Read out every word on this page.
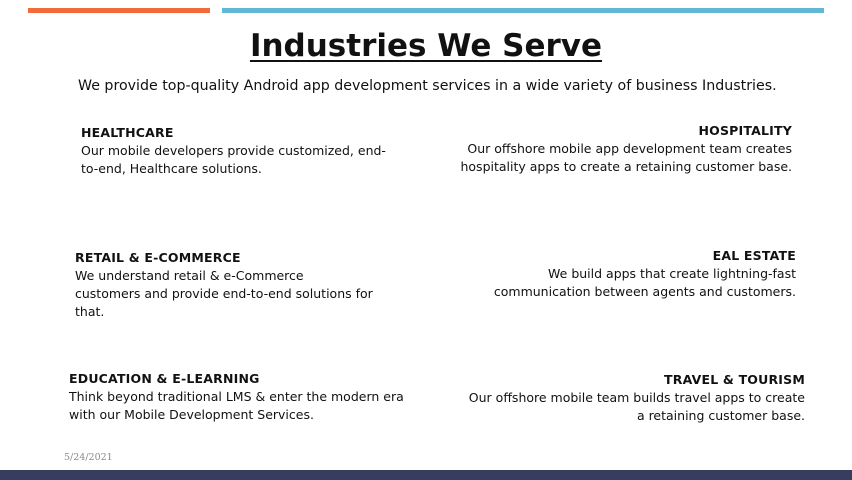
Industries We Serve
We provide top-quality Android app development services in a wide variety of business Industries.
HEALTHCARE
Our mobile developers provide customized, end-
to-end, Healthcare solutions.
HOSPITALITY
Our offshore mobile app development team creates
hospitality apps to create a retaining customer base.
RETAIL & E-COMMERCE
We understand retail & e-Commerce
customers and provide end-to-end solutions for
that.
EAL ESTATE
We build apps that create lightning-fast
communication between agents and customers.
EDUCATION & E-LEARNING
Think beyond traditional LMS & enter the modern era
with our Mobile Development Services.
TRAVEL & TOURISM
Our offshore mobile team builds travel apps to create
a retaining customer base.
5/24/2021
